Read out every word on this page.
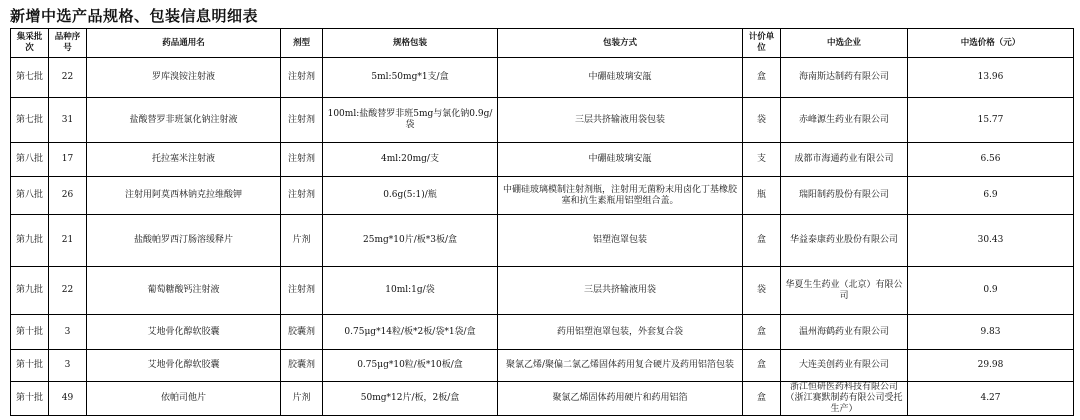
新增中选产品规格、包装信息明细表
集采批次	品种序号	药品通用名	剂型	规格包装	包装方式	计价单位	中选企业	中选价格（元）
第七批	22	罗库溴铵注射液	注射剂	5ml:50mg*1支/盒	中硼硅玻璃安瓿	盒	海南斯达制药有限公司	13.96
第七批	31	盐酸替罗非班氯化钠注射液	注射剂	100ml:盐酸替罗非班5mg与氯化钠0.9g/袋	三层共挤输液用袋包装	袋	赤峰源生药业有限公司	15.77
第八批	17	托拉塞米注射液	注射剂	4ml:20mg/支	中硼硅玻璃安瓿	支	成都市海通药业有限公司	6.56
第八批	26	注射用阿莫西林钠克拉维酸钾	注射剂	0.6g(5:1)/瓶	中硼硅玻璃模制注射剂瓶，注射用无菌粉末用卤化丁基橡胶塞和抗生素瓶用铝塑组合盖。	瓶	瑞阳制药股份有限公司	6.9
第九批	21	盐酸帕罗西汀肠溶缓释片	片剂	25mg*10片/板*3板/盒	铝塑泡罩包装	盒	华益泰康药业股份有限公司	30.43
第九批	22	葡萄糖酸钙注射液	注射剂	10ml:1g/袋	三层共挤输液用袋	袋	华夏生生药业（北京）有限公司	0.9
第十批	3	艾地骨化醇软胶囊	胶囊剂	0.75μg*14粒/板*2板/袋*1袋/盒	药用铝塑泡罩包装，外套复合袋	盒	温州海鹤药业有限公司	9.83
第十批	3	艾地骨化醇软胶囊	胶囊剂	0.75μg*10粒/板*10板/盒	聚氯乙烯/聚偏二氯乙烯固体药用复合硬片及药用铝箔包装	盒	大连美创药业有限公司	29.98
第十批	49	依帕司他片	片剂	50mg*12片/板，2板/盒	聚氯乙烯固体药用硬片和药用铝箔	盒	浙江恒研医药科技有限公司（浙江赛默制药有限公司受托生产）	4.27
